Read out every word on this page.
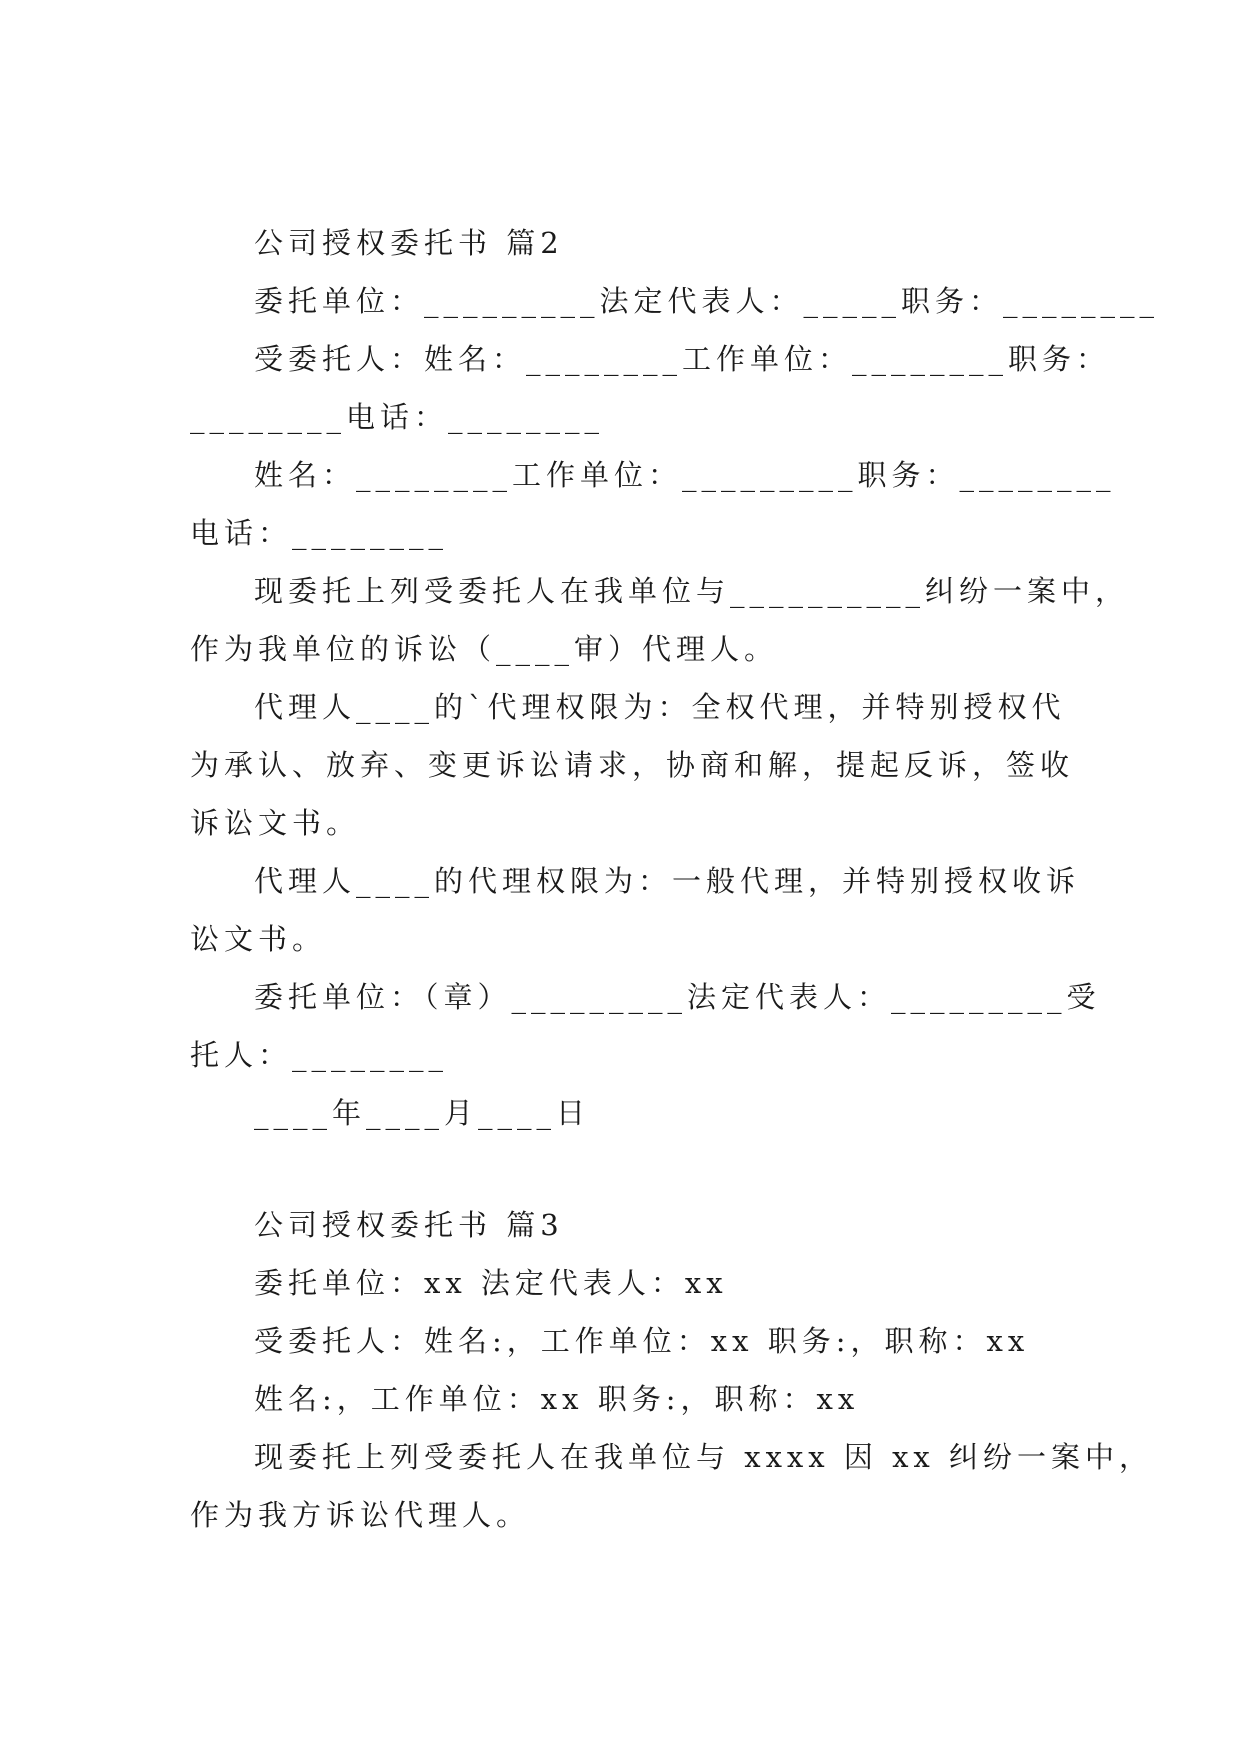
公司授权委托书 篇2
委托单位：_________法定代表人：_____职务：________
受委托人：姓名：________工作单位：________职务：
________电话：________
姓名：________工作单位：_________职务：________
电话：________
现委托上列受委托人在我单位与__________纠纷一案中，
作为我单位的诉讼（____审）代理人。
代理人____的`代理权限为：全权代理，并特别授权代
为承认、放弃、变更诉讼请求，协商和解，提起反诉，签收
诉讼文书。
代理人____的代理权限为：一般代理，并特别授权收诉
讼文书。
委托单位：（章）_________法定代表人：_________受
托人：________
____年____月____日
公司授权委托书 篇3
委托单位：xx 法定代表人：xx
受委托人：姓名:，工作单位：xx 职务:，职称：xx
姓名:，工作单位：xx 职务:，职称：xx
现委托上列受委托人在我单位与 xxxx 因 xx 纠纷一案中，
作为我方诉讼代理人。
